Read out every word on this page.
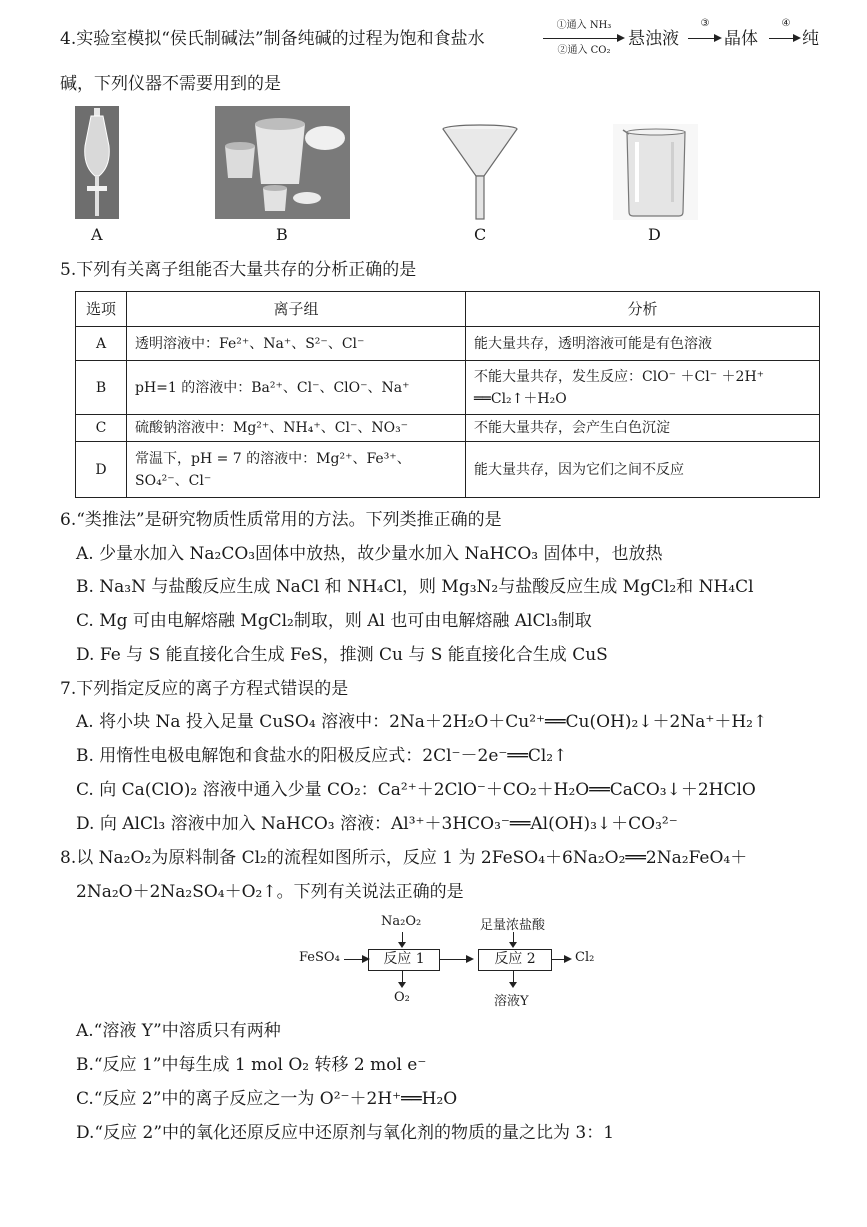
4.实验室模拟“侯氏制碱法”制备纯碱的过程为饱和食盐水
①通入 NH₃
②通入 CO₂
悬浊液
③
晶体
④
纯
碱，下列仪器不需要用到的是
A	B	C	D
5.下列有关离子组能否大量共存的分析正确的是
选项	离子组	分析
A	透明溶液中：Fe²⁺、Na⁺、S²⁻、Cl⁻	能大量共存，透明溶液可能是有色溶液
B	pH=1 的溶液中：Ba²⁺、Cl⁻、ClO⁻、Na⁺	不能大量共存，发生反应：ClO⁻ ＋Cl⁻ ＋2H⁺ ══Cl₂↑＋H₂O
C	硫酸钠溶液中：Mg²⁺、NH₄⁺、Cl⁻、NO₃⁻	不能大量共存，会产生白色沉淀
D	常温下，pH = 7 的溶液中：Mg²⁺、Fe³⁺、SO₄²⁻、Cl⁻	能大量共存，因为它们之间不反应
6.“类推法”是研究物质性质常用的方法。下列类推正确的是
A. 少量水加入 Na₂CO₃固体中放热，故少量水加入 NaHCO₃ 固体中，也放热
B. Na₃N 与盐酸反应生成 NaCl 和 NH₄Cl，则 Mg₃N₂与盐酸反应生成 MgCl₂和 NH₄Cl
C. Mg 可由电解熔融 MgCl₂制取，则 Al 也可由电解熔融 AlCl₃制取
D. Fe 与 S 能直接化合生成 FeS，推测 Cu 与 S 能直接化合生成 CuS
7.下列指定反应的离子方程式错误的是
A. 将小块 Na 投入足量 CuSO₄ 溶液中：2Na＋2H₂O＋Cu²⁺══Cu(OH)₂↓＋2Na⁺＋H₂↑
B. 用惰性电极电解饱和食盐水的阳极反应式：2Cl⁻－2e⁻══Cl₂↑
C. 向 Ca(ClO)₂ 溶液中通入少量 CO₂：Ca²⁺＋2ClO⁻＋CO₂＋H₂O══CaCO₃↓＋2HClO
D. 向 AlCl₃ 溶液中加入 NaHCO₃ 溶液：Al³⁺＋3HCO₃⁻══Al(OH)₃↓＋CO₃²⁻
8.以 Na₂O₂为原料制备 Cl₂的流程如图所示，反应 1 为 2FeSO₄＋6Na₂O₂══2Na₂FeO₄＋
2Na₂O＋2Na₂SO₄＋O₂↑。下列有关说法正确的是
FeSO₄
Na₂O₂
反应 1
O₂
足量浓盐酸
反应 2
溶液Y
Cl₂
A.“溶液 Y”中溶质只有两种
B.“反应 1”中每生成 1 mol O₂ 转移 2 mol e⁻
C.“反应 2”中的离子反应之一为 O²⁻＋2H⁺══H₂O
D.“反应 2”中的氧化还原反应中还原剂与氧化剂的物质的量之比为 3：1
